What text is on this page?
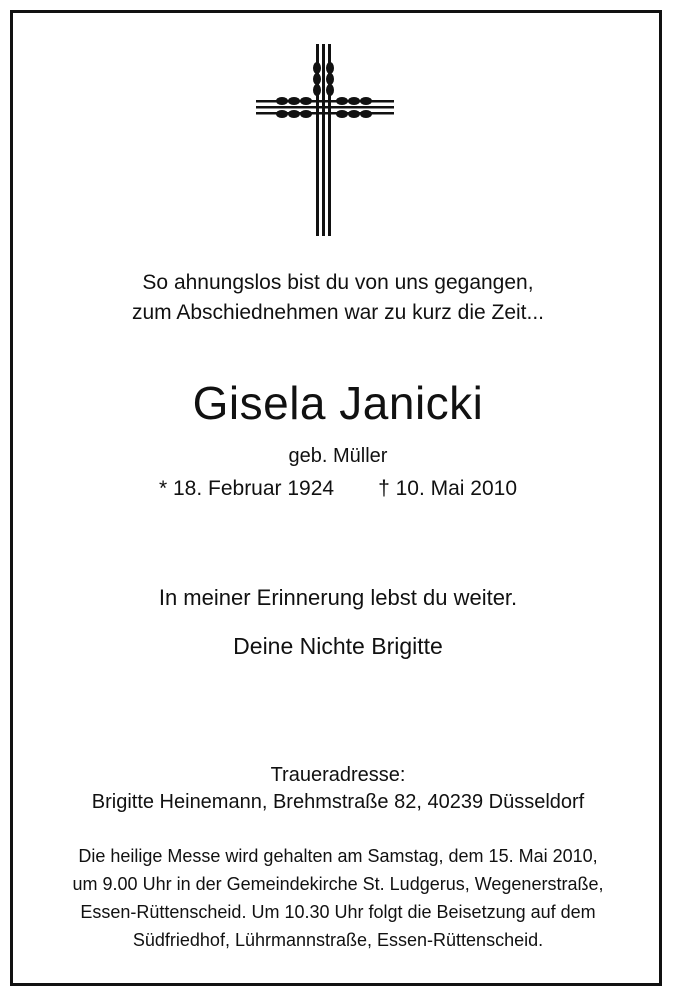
So ahnungslos bist du von uns gegangen,
zum Abschiednehmen war zu kurz die Zeit...
Gisela Janicki
geb. Müller
* 18. Februar 1924 † 10. Mai 2010
In meiner Erinnerung lebst du weiter.
Deine Nichte Brigitte
Traueradresse:
Brigitte Heinemann, Brehmstraße 82, 40239 Düsseldorf
Die heilige Messe wird gehalten am Samstag, dem 15. Mai 2010,
um 9.00 Uhr in der Gemeindekirche St. Ludgerus, Wegenerstraße,
Essen-Rüttenscheid. Um 10.30 Uhr folgt die Beisetzung auf dem
Südfriedhof, Lührmannstraße, Essen-Rüttenscheid.
